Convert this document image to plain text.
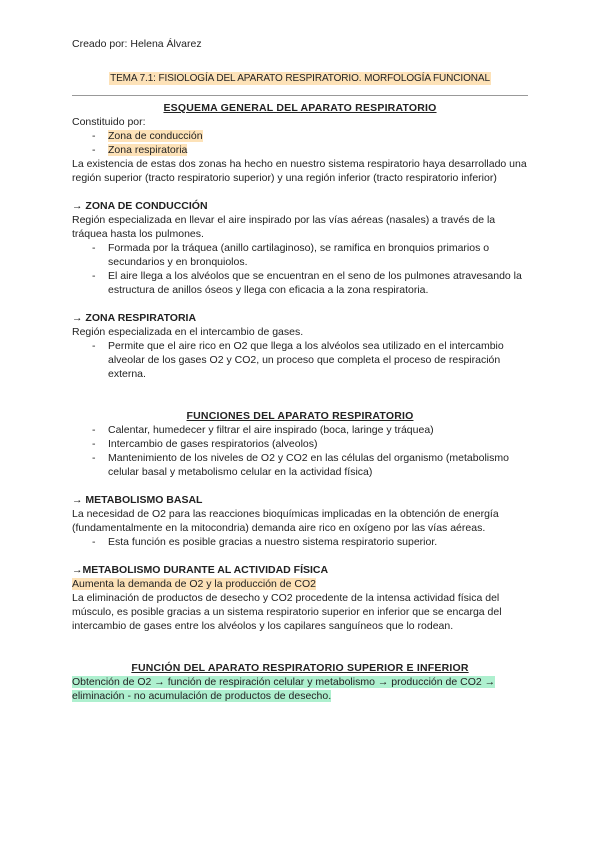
Creado por: Helena Álvarez
TEMA 7.1: FISIOLOGÍA DEL APARATO RESPIRATORIO. MORFOLOGÍA FUNCIONAL

ESQUEMA GENERAL DEL APARATO RESPIRATORIO

Constituido por:

- Zona de conducción
- Zona respiratoria

La existencia de estas dos zonas ha hecho en nuestro sistema respiratorio haya desarrollado una región superior (tracto respiratorio superior) y una región inferior (tracto respiratorio inferior)

→ ZONA DE CONDUCCIÓN

Región especializada en llevar el aire inspirado por las vías aéreas (nasales) a través de la tráquea hasta los pulmones.

- Formada por la tráquea (anillo cartilaginoso), se ramifica en bronquios primarios o secundarios y en bronquiolos.
- El aire llega a los alvéolos que se encuentran en el seno de los pulmones atravesando la estructura de anillos óseos y llega con eficacia a la zona respiratoria.

→ ZONA RESPIRATORIA

Región especializada en el intercambio de gases.

- Permite que el aire rico en O2 que llega a los alvéolos sea utilizado en el intercambio alveolar de los gases O2 y CO2, un proceso que completa el proceso de respiración externa.

FUNCIONES DEL APARATO RESPIRATORIO

- Calentar, humedecer y filtrar el aire inspirado (boca, laringe y tráquea)
- Intercambio de gases respiratorios (alveolos)
- Mantenimiento de los niveles de O2 y CO2 en las células del organismo (metabolismo celular basal y metabolismo celular en la actividad física)

→ METABOLISMO BASAL

La necesidad de O2 para las reacciones bioquímicas implicadas en la obtención de energía (fundamentalmente en la mitocondria) demanda aire rico en oxígeno por las vías aéreas.

- Esta función es posible gracias a nuestro sistema respiratorio superior.

→METABOLISMO DURANTE AL ACTIVIDAD FÍSICA

Aumenta la demanda de O2 y la producción de CO2

La eliminación de productos de desecho y CO2 procedente de la intensa actividad física del músculo, es posible gracias a un sistema respiratorio superior en inferior que se encarga del intercambio de gases entre los alvéolos y los capilares sanguíneos que lo rodean.

FUNCIÓN DEL APARATO RESPIRATORIO SUPERIOR E INFERIOR

Obtención de O2 → función de respiración celular y metabolismo → producción de CO2 → eliminación - no acumulación de productos de desecho.
